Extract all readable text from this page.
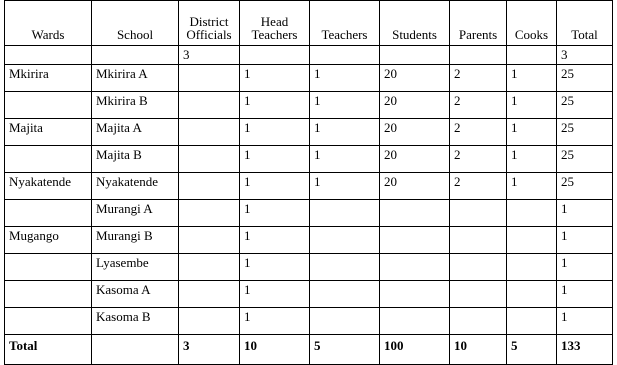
Wards	School	District Officials	Head Teachers	Teachers	Students	Parents	Cooks	Total
		3						3
Mkirira	Mkirira A		1	1	20	2	1	25
	Mkirira B		1	1	20	2	1	25
Majita	Majita A		1	1	20	2	1	25
	Majita B		1	1	20	2	1	25
Nyakatende	Nyakatende		1	1	20	2	1	25
	Murangi A		1					1
Mugango	Murangi B		1					1
	Lyasembe		1					1
	Kasoma A		1					1
	Kasoma B		1					1
Total		3	10	5	100	10	5	133
